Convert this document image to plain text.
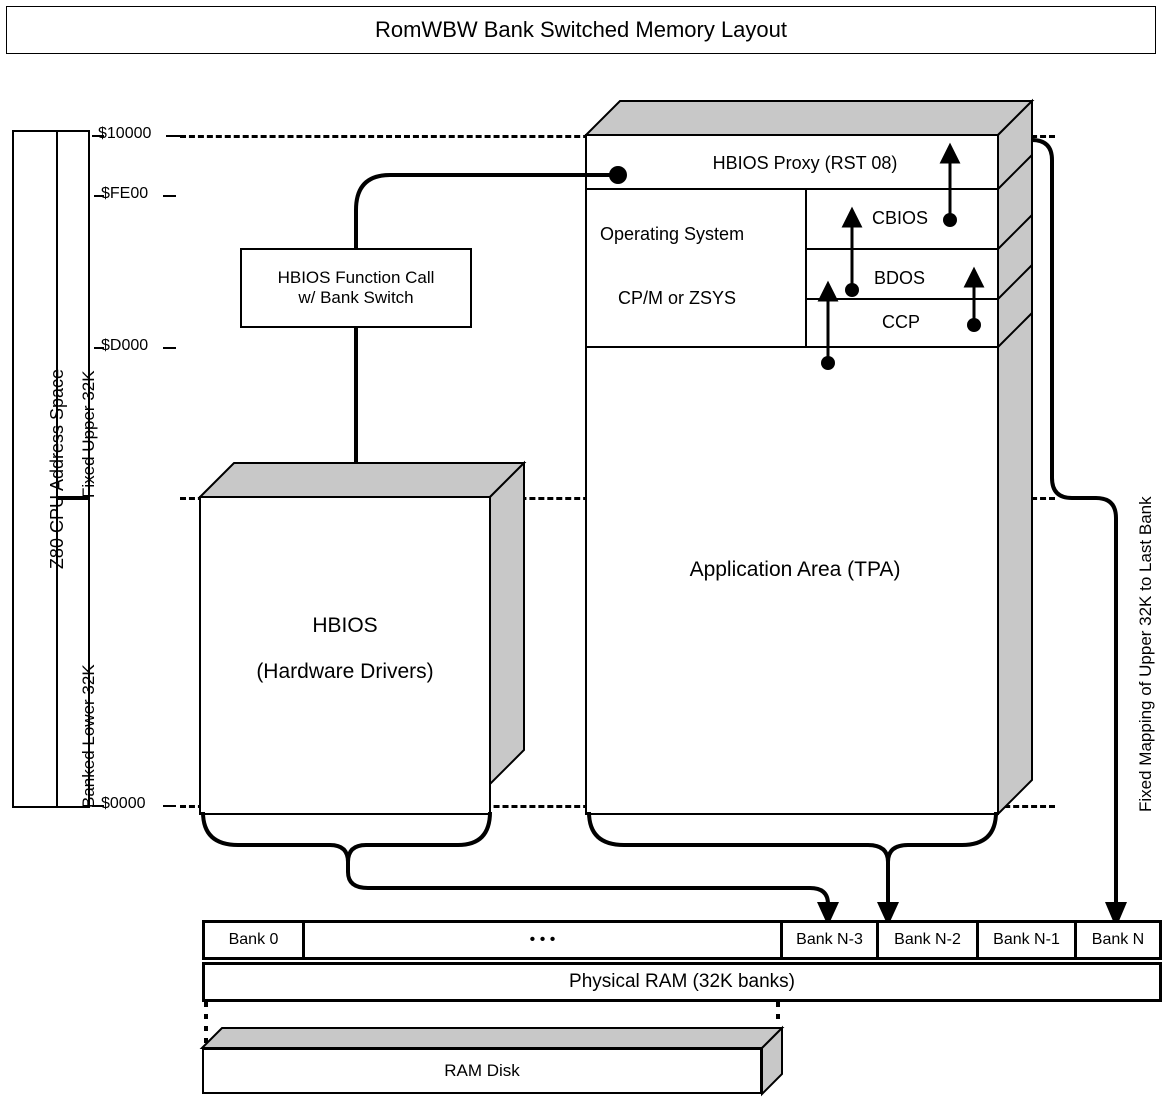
RomWBW Bank Switched Memory Layout
Z80 CPU Address Space Fixed Upper 32K
Banked Lower 32K
$10000
$FE00
$D000
$0000
HBIOS Proxy (RST 08)
Operating System
CP/M or ZSYS
CBIOS
BDOS
CCP
Application Area (TPA)
HBIOS Function Call
w/ Bank Switch
HBIOS
(Hardware Drivers)	Fixed Mapping of Upper 32K to Last Bank
Bank 0	• • •	Bank N-3	Bank N-2	Bank N-1	Bank N
Physical RAM (32K banks)
RAM Disk
